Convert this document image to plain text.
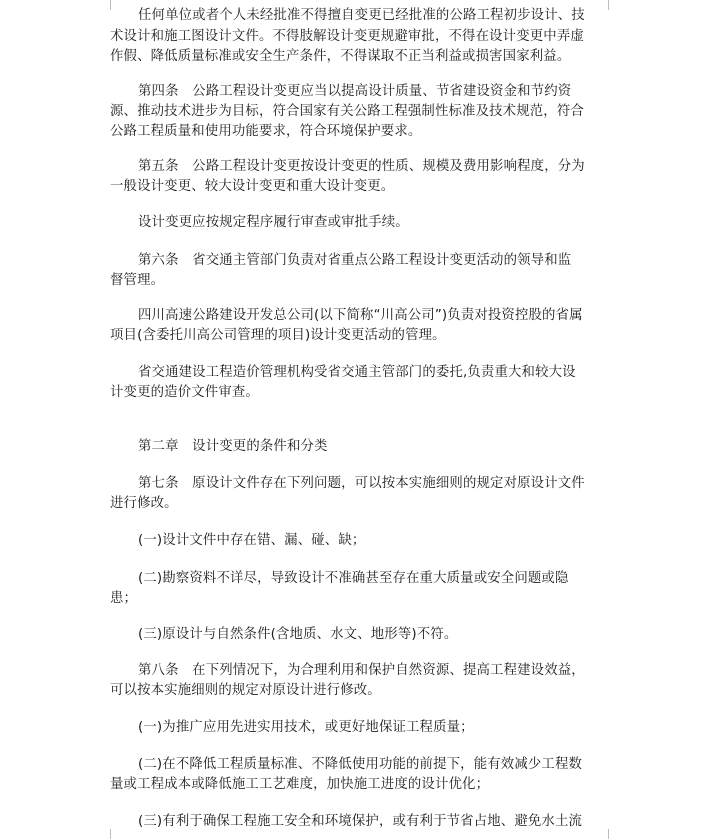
任何单位或者个人未经批准不得擅自变更已经批准的公路工程初步设计、技
术设计和施工图设计文件。不得肢解设计变更规避审批，不得在设计变更中弄虚
作假、降低质量标准或安全生产条件，不得谋取不正当利益或损害国家利益。
第四条　公路工程设计变更应当以提高设计质量、节省建设资金和节约资
源、推动技术进步为目标，符合国家有关公路工程强制性标准及技术规范，符合
公路工程质量和使用功能要求，符合环境保护要求。
第五条　公路工程设计变更按设计变更的性质、规模及费用影响程度，分为
一般设计变更、较大设计变更和重大设计变更。
设计变更应按规定程序履行审查或审批手续。
第六条　省交通主管部门负责对省重点公路工程设计变更活动的领导和监
督管理。
四川高速公路建设开发总公司(以下简称“川高公司”)负责对投资控股的省属
项目(含委托川高公司管理的项目)设计变更活动的管理。
省交通建设工程造价管理机构受省交通主管部门的委托,负责重大和较大设
计变更的造价文件审查。
第二章　设计变更的条件和分类
第七条　原设计文件存在下列问题，可以按本实施细则的规定对原设计文件
进行修改。
(一)设计文件中存在错、漏、碰、缺；
(二)勘察资料不详尽，导致设计不准确甚至存在重大质量或安全问题或隐
患；
(三)原设计与自然条件(含地质、水文、地形等)不符。
第八条　在下列情况下，为合理利用和保护自然资源、提高工程建设效益，
可以按本实施细则的规定对原设计进行修改。
(一)为推广应用先进实用技术，或更好地保证工程质量；
(二)在不降低工程质量标准、不降低使用功能的前提下，能有效减少工程数
量或工程成本或降低施工工艺难度，加快施工进度的设计优化；
(三)有利于确保工程施工安全和环境保护，或有利于节省占地、避免水土流
